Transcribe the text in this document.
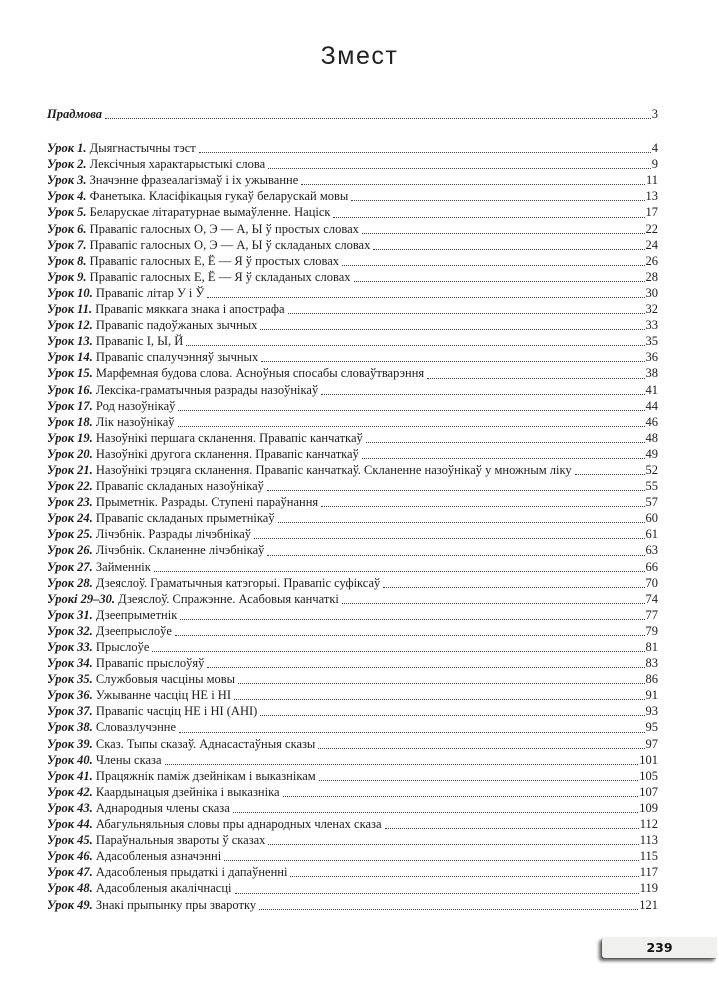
Змест
Прадмова	3
Урок 1. Дыягнастычны тэст	4
Урок 2. Лексічныя характарыстыкі слова	9
Урок 3. Значэнне фразеалагізмаў і іх ужыванне	11
Урок 4. Фанетыка. Класіфікацыя гукаў беларускай мовы	13
Урок 5. Беларускае літаратурнае вымаўленне. Націск	17
Урок 6. Правапіс галосных О, Э — А, Ы ў простых словах	22
Урок 7. Правапіс галосных О, Э — А, Ы ў складаных словах	24
Урок 8. Правапіс галосных Е, Ё — Я ў простых словах	26
Урок 9. Правапіс галосных Е, Ё — Я ў складаных словах	28
Урок 10. Правапіс літар У і Ў	30
Урок 11. Правапіс мяккага знака і апострафа	32
Урок 12. Правапіс падоўжаных зычных	33
Урок 13. Правапіс І, Ы, Й	35
Урок 14. Правапіс спалучэнняў зычных	36
Урок 15. Марфемная будова слова. Асноўныя спосабы словаўтварэння	38
Урок 16. Лексіка-граматычныя разрады назоўнікаў	41
Урок 17. Род назоўнікаў	44
Урок 18. Лік назоўнікаў	46
Урок 19. Назоўнікі першага скланення. Правапіс канчаткаў	48
Урок 20. Назоўнікі другога скланення. Правапіс канчаткаў	49
Урок 21. Назоўнікі трэцяга скланення. Правапіс канчаткаў. Скланенне назоўнікаў у множным ліку	52
Урок 22. Правапіс складаных назоўнікаў	55
Урок 23. Прыметнік. Разрады. Ступені параўнання	57
Урок 24. Правапіс складаных прыметнікаў	60
Урок 25. Лічэбнік. Разрады лічэбнікаў	61
Урок 26. Лічэбнік. Скланенне лічэбнікаў	63
Урок 27. Займеннік	66
Урок 28. Дзеяслоў. Граматычныя катэгорыі. Правапіс суфіксаў	70
Урокі 29–30. Дзеяслоў. Спражэнне. Асабовыя канчаткі	74
Урок 31. Дзеепрыметнік	77
Урок 32. Дзеепрыслоўе	79
Урок 33. Прыслоўе	81
Урок 34. Правапіс прыслоўяў	83
Урок 35. Службовыя часціны мовы	86
Урок 36. Ужыванне часціц НЕ і НІ	91
Урок 37. Правапіс часціц НЕ і НІ (АНІ)	93
Урок 38. Словазлучэнне	95
Урок 39. Сказ. Тыпы сказаў. Аднасастаўныя сказы	97
Урок 40. Члены сказа	101
Урок 41. Працяжнік паміж дзейнікам і выказнікам	105
Урок 42. Каардынацыя дзейніка і выказніка	107
Урок 43. Аднародныя члены сказа	109
Урок 44. Абагульняльныя словы пры аднародных членах сказа	112
Урок 45. Параўнальныя звароты ў сказах	113
Урок 46. Адасобленыя азначэнні	115
Урок 47. Адасобленыя прыдаткі і дапаўненні	117
Урок 48. Адасобленыя акалічнасці	119
Урок 49. Знакі прыпынку пры зваротку	121
239
